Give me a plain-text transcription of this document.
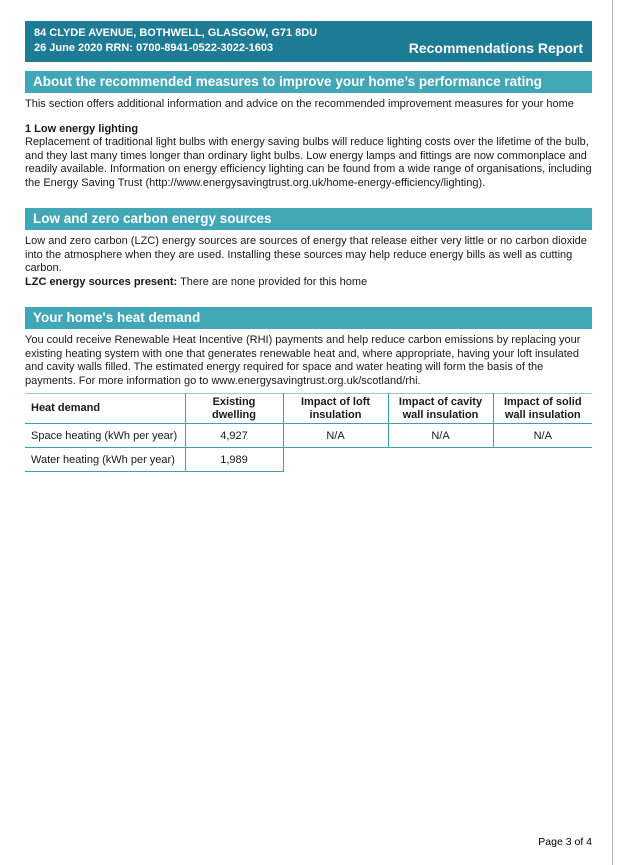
84 CLYDE AVENUE, BOTHWELL, GLASGOW, G71 8DU
26 June 2020 RRN: 0700-8941-0522-3022-1603	Recommendations Report
About the recommended measures to improve your home’s performance rating

This section offers additional information and advice on the recommended improvement measures for your home

1 Low energy lighting

Replacement of traditional light bulbs with energy saving bulbs will reduce lighting costs over the lifetime of the bulb, and they last many times longer than ordinary light bulbs. Low energy lamps and fittings are now commonplace and readily available. Information on energy efficiency lighting can be found from a wide range of organisations, including the Energy Saving Trust (http://www.energysavingtrust.org.uk/home-energy-efficiency/lighting).

Low and zero carbon energy sources

Low and zero carbon (LZC) energy sources are sources of energy that release either very little or no carbon dioxide into the atmosphere when they are used. Installing these sources may help reduce energy bills as well as cutting carbon.

LZC energy sources present: There are none provided for this home

Your home's heat demand

You could receive Renewable Heat Incentive (RHI) payments and help reduce carbon emissions by replacing your existing heating system with one that generates renewable heat and, where appropriate, having your loft insulated and cavity walls filled. The estimated energy required for space and water heating will form the basis of the payments. For more information go to www.energysavingtrust.org.uk/scotland/rhi.

Heat demand	Existing dwelling	Impact of loft insulation	Impact of cavity wall insulation	Impact of solid wall insulation
Space heating (kWh per year)	4,927	N/A	N/A	N/A
Water heating (kWh per year)	1,989			
Page 3 of 4
